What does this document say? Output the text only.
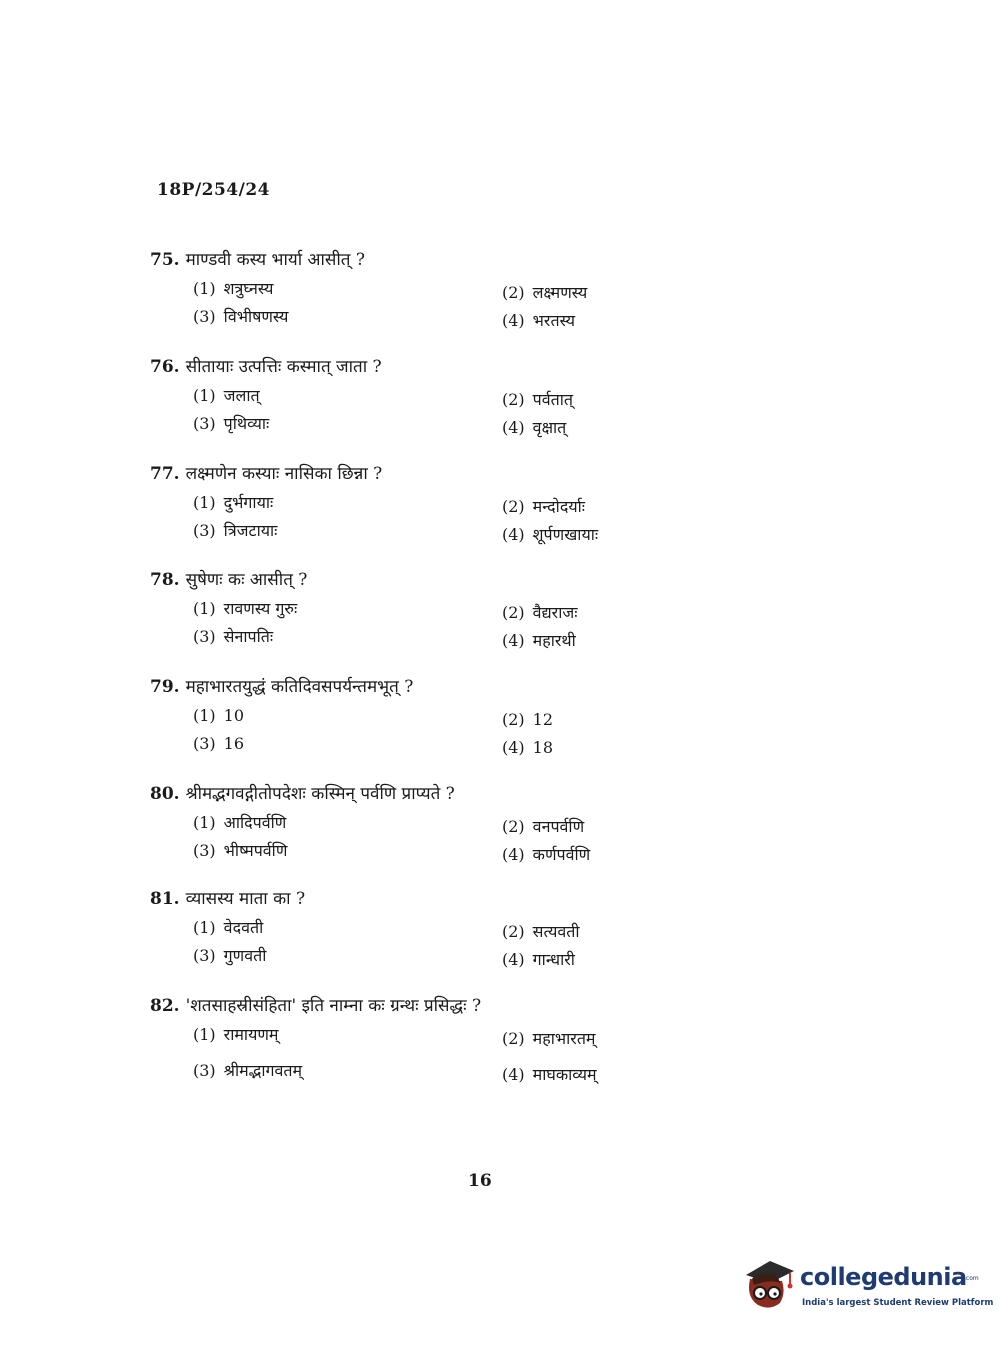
18P/254/24
75. माण्डवी कस्य भार्या आसीत् ?
(1) शत्रुघ्नस्य	(2) लक्ष्मणस्य
(3) विभीषणस्य	(4) भरतस्य
76. सीतायाः उत्पत्तिः कस्मात् जाता ?
(1) जलात्	(2) पर्वतात्
(3) पृथिव्याः	(4) वृक्षात्
77. लक्ष्मणेन कस्याः नासिका छिन्ना ?
(1) दुर्भगायाः	(2) मन्दोदर्याः
(3) त्रिजटायाः	(4) शूर्पणखायाः
78. सुषेणः कः आसीत् ?
(1) रावणस्य गुरुः	(2) वैद्यराजः
(3) सेनापतिः	(4) महारथी
79. महाभारतयुद्धं कतिदिवसपर्यन्तमभूत् ?
(1) 10	(2) 12
(3) 16	(4) 18
80. श्रीमद्भगवद्गीतोपदेशः कस्मिन् पर्वणि प्राप्यते ?
(1) आदिपर्वणि	(2) वनपर्वणि
(3) भीष्मपर्वणि	(4) कर्णपर्वणि
81. व्यासस्य माता का ?
(1) वेदवती	(2) सत्यवती
(3) गुणवती	(4) गान्धारी
82. 'शतसाहस्रीसंहिता' इति नाम्ना कः ग्रन्थः प्रसिद्धः ?
(1) रामायणम्	(2) महाभारतम्
(3) श्रीमद्भागवतम्	(4) माघकाव्यम्
16
collegedunia
.com
India's largest Student Review Platform
